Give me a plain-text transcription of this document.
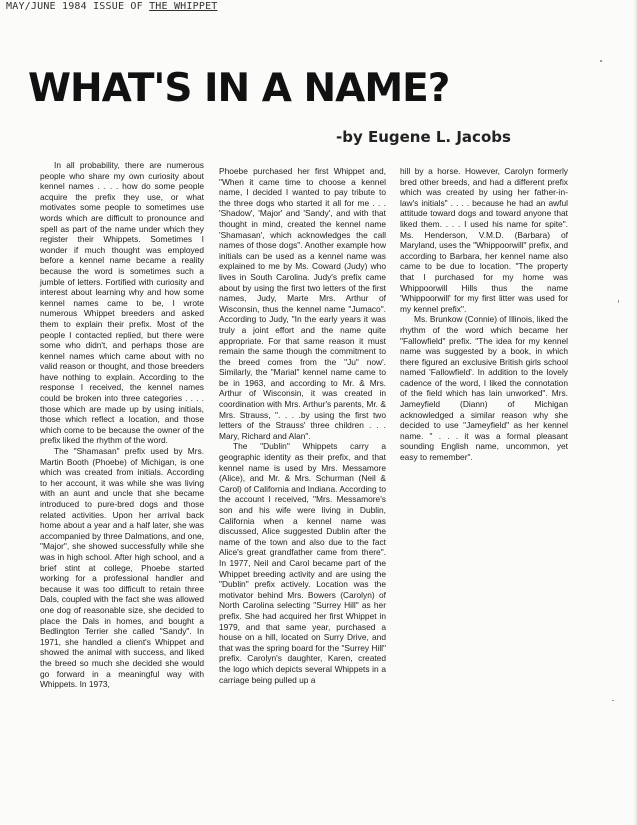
MAY/JUNE 1984 ISSUE OF THE WHIPPET
WHAT'S IN A NAME?
-by Eugene L. Jacobs

In all probability, there are numerous people who share my own curiosity about kennel names . . . . how do some people acquire the prefix they use, or what motivates some people to sometimes use words which are difficult to pronounce and spell as part of the name under which they register their Whippets. Sometimes I wonder if much thought was employed before a kennel name became a reality because the word is sometimes such a jumble of letters. Fortified with curiosity and interest about learning why and how some kennel names came to be, I wrote numerous Whippet breeders and asked them to explain their prefix. Most of the people I contacted replied, but there were some who didn't, and perhaps those are kennel names which came about with no valid reason or thought, and those breeders have nothing to explain. According to the response I received, the kennel names could be broken into three categories . . . . those which are made up by using initials, those which reflect a location, and those which come to be because the owner of the prefix liked the rhythm of the word.

The "Shamasan" prefix used by Mrs. Martin Booth (Phoebe) of Michigan, is one which was created from initials. According to her account, it was while she was living with an aunt and uncle that she became introduced to pure-bred dogs and those related activities. Upon her arrival back home about a year and a half later, she was accompanied by three Dalmations, and one, "Major", she showed successfully while she was in high school. After high school, and a brief stint at college, Phoebe started working for a professional handler and because it was too difficult to retain three Dals, coupled with the fact she was allowed one dog of reasonable size, she decided to place the Dals in homes, and bought a Bedlington Terrier she called "Sandy". In 1971, she handled a client's Whippet and showed the animal with success, and liked the breed so much she decided she would go forward in a meaningful way with Whippets. In 1973,

Phoebe purchased her first Whippet and, "When it came time to choose a kennel name, I decided I wanted to pay tribute to the three dogs who started it all for me . . . 'Shadow', 'Major' and 'Sandy', and with that thought in mind, created the kennel name 'Shamasan', which acknowledges the call names of those dogs". Another example how initials can be used as a kennel name was explained to me by Ms. Coward (Judy) who lives in South Carolina. Judy's prefix came about by using the first two letters of the first names, Judy, Marte Mrs. Arthur of Wisconsin, thus the kennel name "Jumaco". According to Judy, "In the early years it was truly a joint effort and the name quite appropriate. For that same reason it must remain the same though the commitment to the breed comes from the "Ju" now'. Similarly, the "Marial" kennel name came to be in 1963, and according to Mr. & Mrs. Arthur of Wisconsin, it was created in coordination with Mrs. Arthur's parents, Mr. & Mrs. Strauss, ". . . .by using the first two letters of the Strauss' three children . . . Mary, Richard and Alan".

The "Dublin" Whippets carry a geographic identity as their prefix, and that kennel name is used by Mrs. Messamore (Alice), and Mr. & Mrs. Schurman (Neil & Carol) of California and Indiana. According to the account I received, "Mrs. Messamore's son and his wife were living in Dublin, California when a kennel name was discussed, Alice suggested Dublin after the name of the town and also due to the fact Alice's great grandfather came from there". In 1977, Neil and Carol became part of the Whippet breeding activity and are using the "Dublin" prefix actively. Location was the motivator behind Mrs. Bowers (Carolyn) of North Carolina selecting "Surrey Hill" as her prefix. She had acquired her first Whippet in 1979, and that same year, purchased a house on a hill, located on Surry Drive, and that was the spring board for the "Surrey Hill" prefix. Carolyn's daughter, Karen, created the logo which depicts several Whippets in a carriage being pulled up a

hill by a horse. However, Carolyn formerly bred other breeds, and had a different prefix which was created by using her father-in-law's initials" . . . . because he had an awful attitude toward dogs and toward anyone that liked them. . . . I used his name for spite". Ms. Henderson, V.M.D. (Barbara) of Maryland, uses the "Whippoorwill" prefix, and according to Barbara, her kennel name also came to be due to location. "The property that I purchased for my home was Whippoorwill Hills thus the name 'Whippoorwill' for my first litter was used for my kennel prefix".

Ms. Brunkow (Connie) of Illinois, liked the rhythm of the word which became her "Fallowfield" prefix. "The idea for my kennel name was suggested by a book, in which there figured an exclusive British girls school named 'Fallowfield'. In addition to the lovely cadence of the word, I liked the connotation of the field which has lain unworked". Mrs. Jameyfield (Diann) of Michigan acknowledged a similar reason why she decided to use "Jameyfield" as her kennel name. " . . . it was a formal pleasant sounding English name, uncommon, yet easy to remember".
